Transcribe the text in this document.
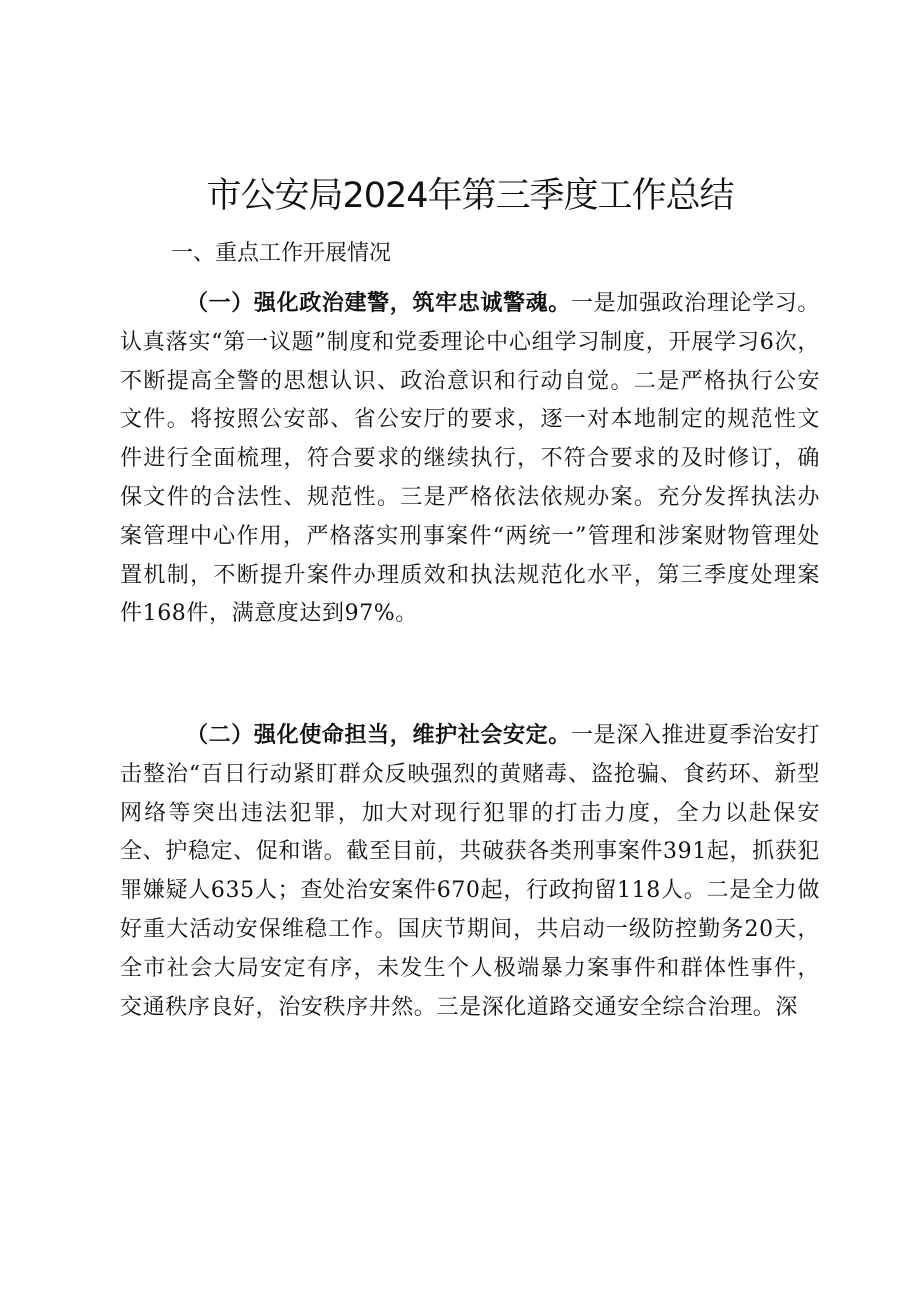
市公安局2024年第三季度工作总结
一、重点工作开展情况

（一）强化政治建警，筑牢忠诚警魂。一是加强政治理论学习。认真落实“第一议题”制度和党委理论中心组学习制度，开展学习6次，不断提高全警的思想认识、政治意识和行动自觉。二是严格执行公安文件。将按照公安部、省公安厅的要求，逐一对本地制定的规范性文件进行全面梳理，符合要求的继续执行，不符合要求的及时修订，确保文件的合法性、规范性。三是严格依法依规办案。充分发挥执法办案管理中心作用，严格落实刑事案件“两统一”管理和涉案财物管理处置机制，不断提升案件办理质效和执法规范化水平，第三季度处理案件168件，满意度达到97%。

（二）强化使命担当，维护社会安定。一是深入推进夏季治安打击整治“百日行动紧盯群众反映强烈的黄赌毒、盗抢骗、食药环、新型网络等突出违法犯罪，加大对现行犯罪的打击力度，全力以赴保安全、护稳定、促和谐。截至目前，共破获各类刑事案件391起，抓获犯罪嫌疑人635人；查处治安案件670起，行政拘留118人。二是全力做好重大活动安保维稳工作。国庆节期间，共启动一级防控勤务20天，全市社会大局安定有序，未发生个人极端暴力案事件和群体性事件，交通秩序良好，治安秩序井然。三是深化道路交通安全综合治理。深
